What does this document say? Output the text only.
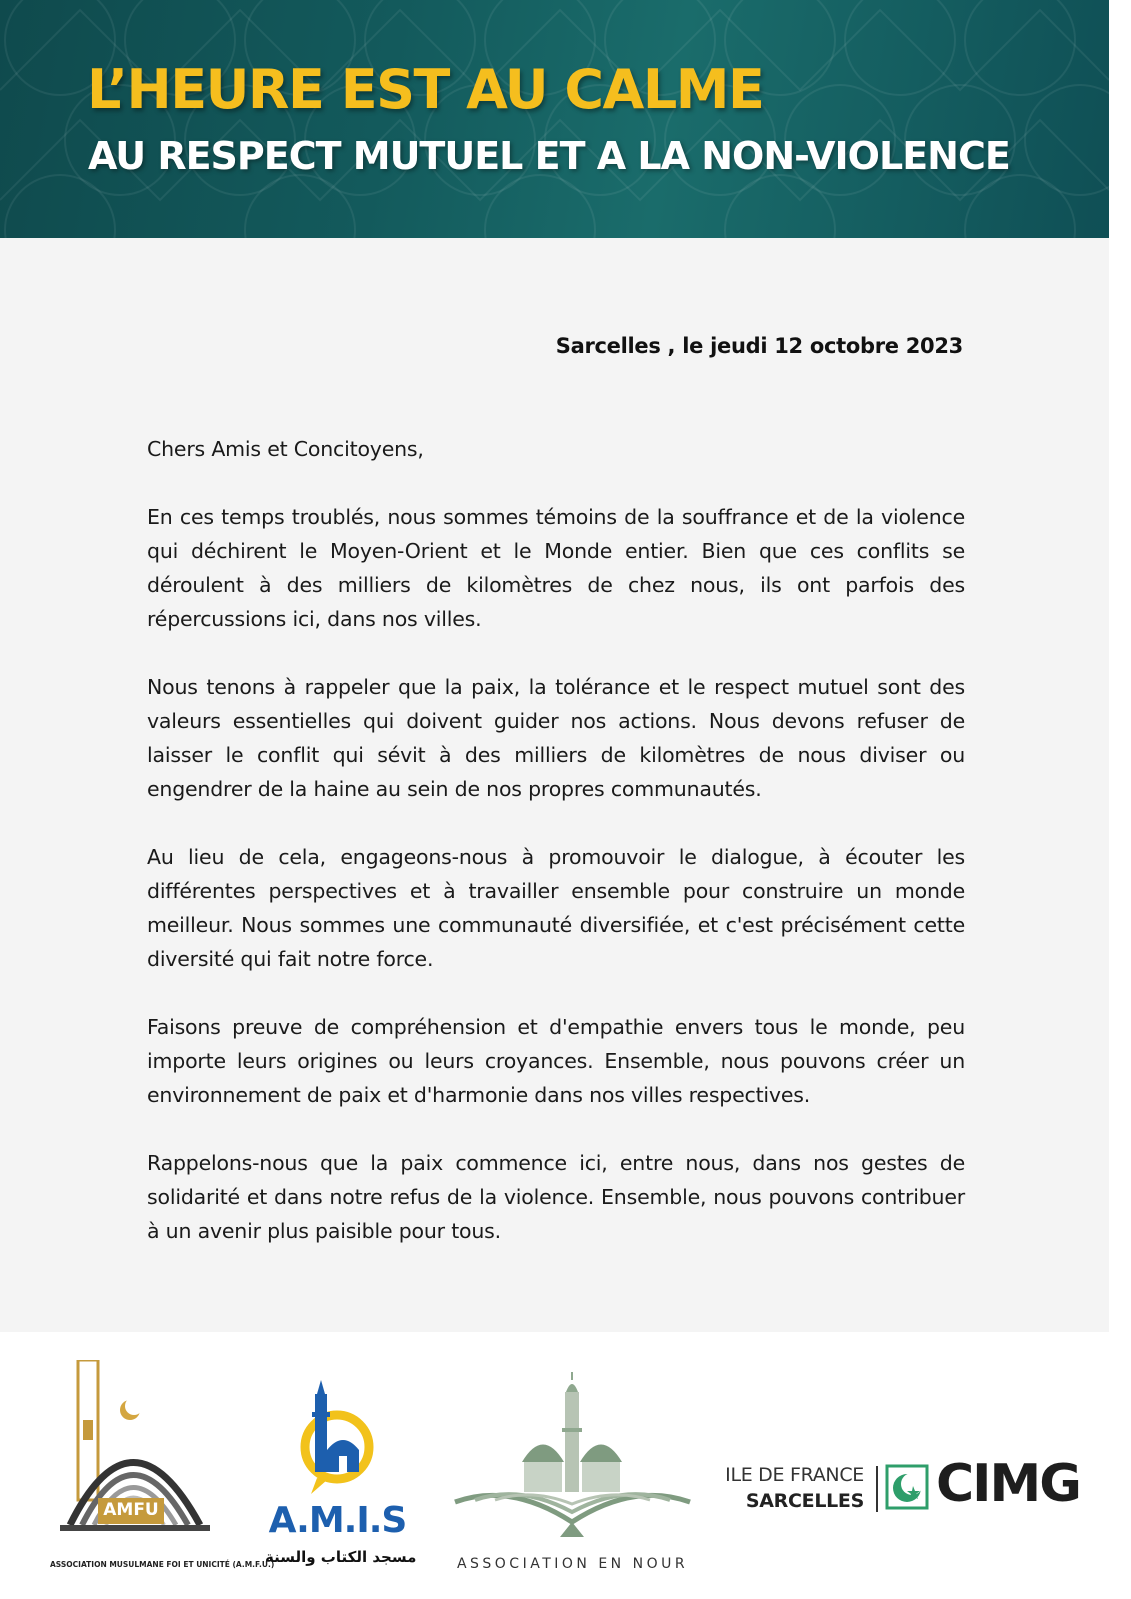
L’HEURE EST AU CALME
AU RESPECT MUTUEL ET A LA NON-VIOLENCE
Sarcelles , le jeudi 12 octobre 2023

Chers Amis et Concitoyens,

En ces temps troublés, nous sommes témoins de la souffrance et de la violence qui déchirent le Moyen-Orient et le Monde entier. Bien que ces conflits se déroulent à des milliers de kilomètres de chez nous, ils ont parfois des répercussions ici, dans nos villes.

Nous tenons à rappeler que la paix, la tolérance et le respect mutuel sont des valeurs essentielles qui doivent guider nos actions. Nous devons refuser de laisser le conflit qui sévit à des milliers de kilomètres de nous diviser ou engendrer de la haine au sein de nos propres communautés.

Au lieu de cela, engageons-nous à promouvoir le dialogue, à écouter les différentes perspectives et à travailler ensemble pour construire un monde meilleur. Nous sommes une communauté diversifiée, et c'est précisément cette diversité qui fait notre force.

Faisons preuve de compréhension et d'empathie envers tous le monde, peu importe leurs origines ou leurs croyances. Ensemble, nous pouvons créer un environnement de paix et d'harmonie dans nos villes respectives.

Rappelons-nous que la paix commence ici, entre nous, dans nos gestes de solidarité et dans notre refus de la violence. Ensemble, nous pouvons contribuer à un avenir plus paisible pour tous.

AMFU
ASSOCIATION MUSULMANE FOI ET UNICITÉ (A.M.F.U.)
A.M.I.S
مسجد الكتاب والسنة	ASSOCIATION EN NOUR
ILE DE FRANCE
SARCELLES CIMG
